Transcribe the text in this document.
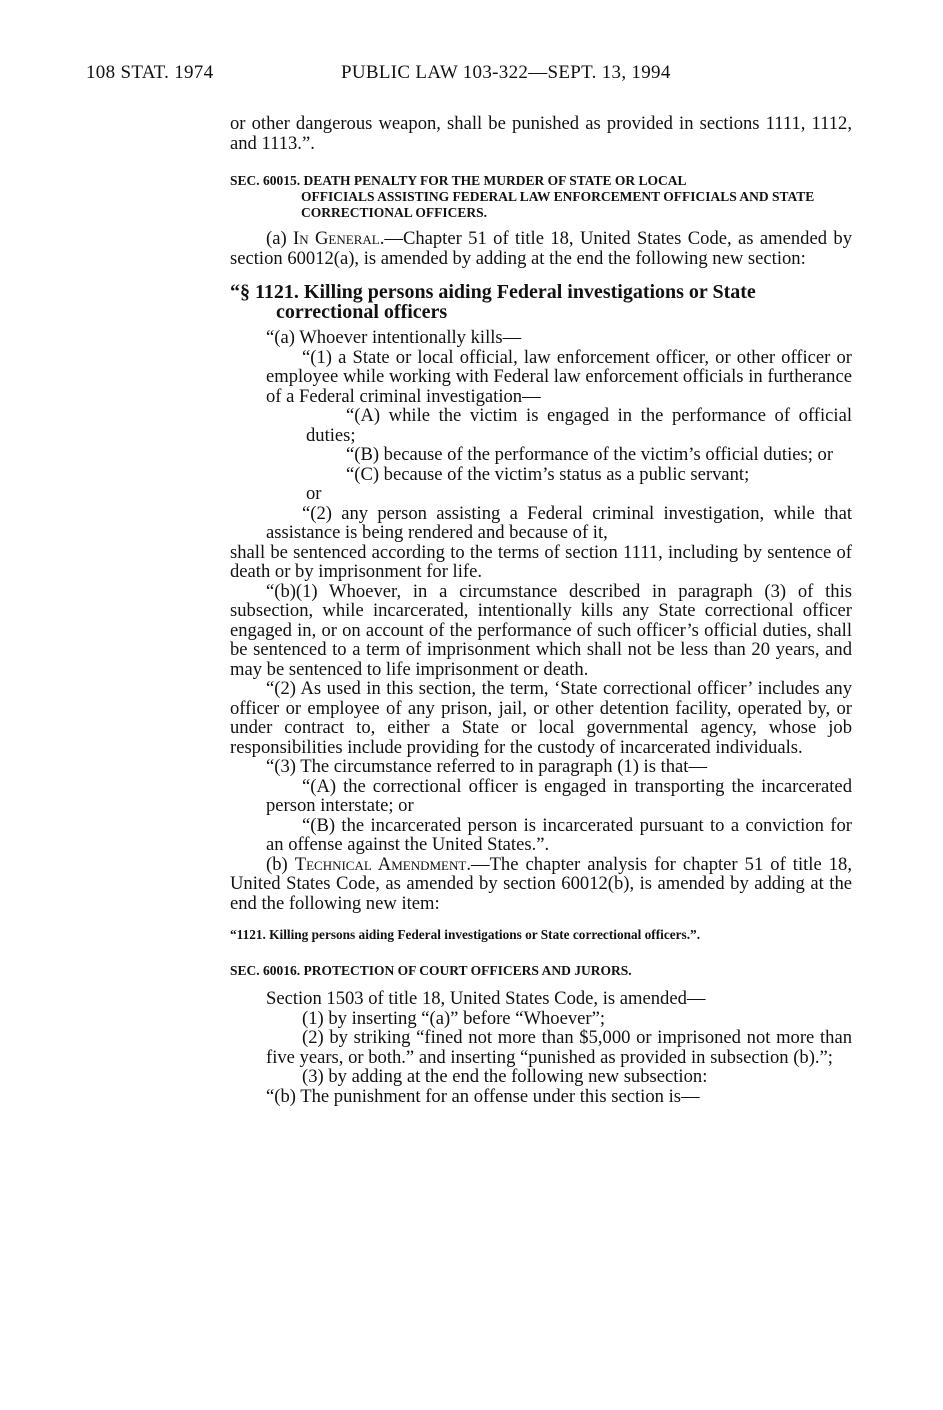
108 STAT. 1974	PUBLIC LAW 103-322—SEPT. 13, 1994

or other dangerous weapon, shall be punished as provided in sections 1111, 1112, and 1113.”.

SEC. 60015. DEATH PENALTY FOR THE MURDER OF STATE OR LOCAL
OFFICIALS ASSISTING FEDERAL LAW ENFORCEMENT OFFICIALS AND STATE CORRECTIONAL OFFICERS.

(a) In General.—Chapter 51 of title 18, United States Code, as amended by section 60012(a), is amended by adding at the end the following new section:

“§ 1121. Killing persons aiding Federal investigations or State
correctional officers

“(a) Whoever intentionally kills—

“(1) a State or local official, law enforcement officer, or other officer or employee while working with Federal law enforcement officials in furtherance of a Federal criminal investigation—

“(A) while the victim is engaged in the performance of official duties;

“(B) because of the performance of the victim’s official duties; or

“(C) because of the victim’s status as a public servant;

or

“(2) any person assisting a Federal criminal investigation, while that assistance is being rendered and because of it,

shall be sentenced according to the terms of section 1111, including by sentence of death or by imprisonment for life.

“(b)(1) Whoever, in a circumstance described in paragraph (3) of this subsection, while incarcerated, intentionally kills any State correctional officer engaged in, or on account of the performance of such officer’s official duties, shall be sentenced to a term of imprisonment which shall not be less than 20 years, and may be sentenced to life imprisonment or death.

“(2) As used in this section, the term, ‘State correctional officer’ includes any officer or employee of any prison, jail, or other detention facility, operated by, or under contract to, either a State or local governmental agency, whose job responsibilities include providing for the custody of incarcerated individuals.

“(3) The circumstance referred to in paragraph (1) is that—

“(A) the correctional officer is engaged in transporting the incarcerated person interstate; or

“(B) the incarcerated person is incarcerated pursuant to a conviction for an offense against the United States.”.

(b) Technical Amendment.—The chapter analysis for chapter 51 of title 18, United States Code, as amended by section 60012(b), is amended by adding at the end the following new item:

“1121. Killing persons aiding Federal investigations or State correctional officers.”.

SEC. 60016. PROTECTION OF COURT OFFICERS AND JURORS.

Section 1503 of title 18, United States Code, is amended—

(1) by inserting “(a)” before “Whoever”;

(2) by striking “fined not more than $5,000 or imprisoned not more than five years, or both.” and inserting “punished as provided in subsection (b).”;

(3) by adding at the end the following new subsection:

“(b) The punishment for an offense under this section is—
